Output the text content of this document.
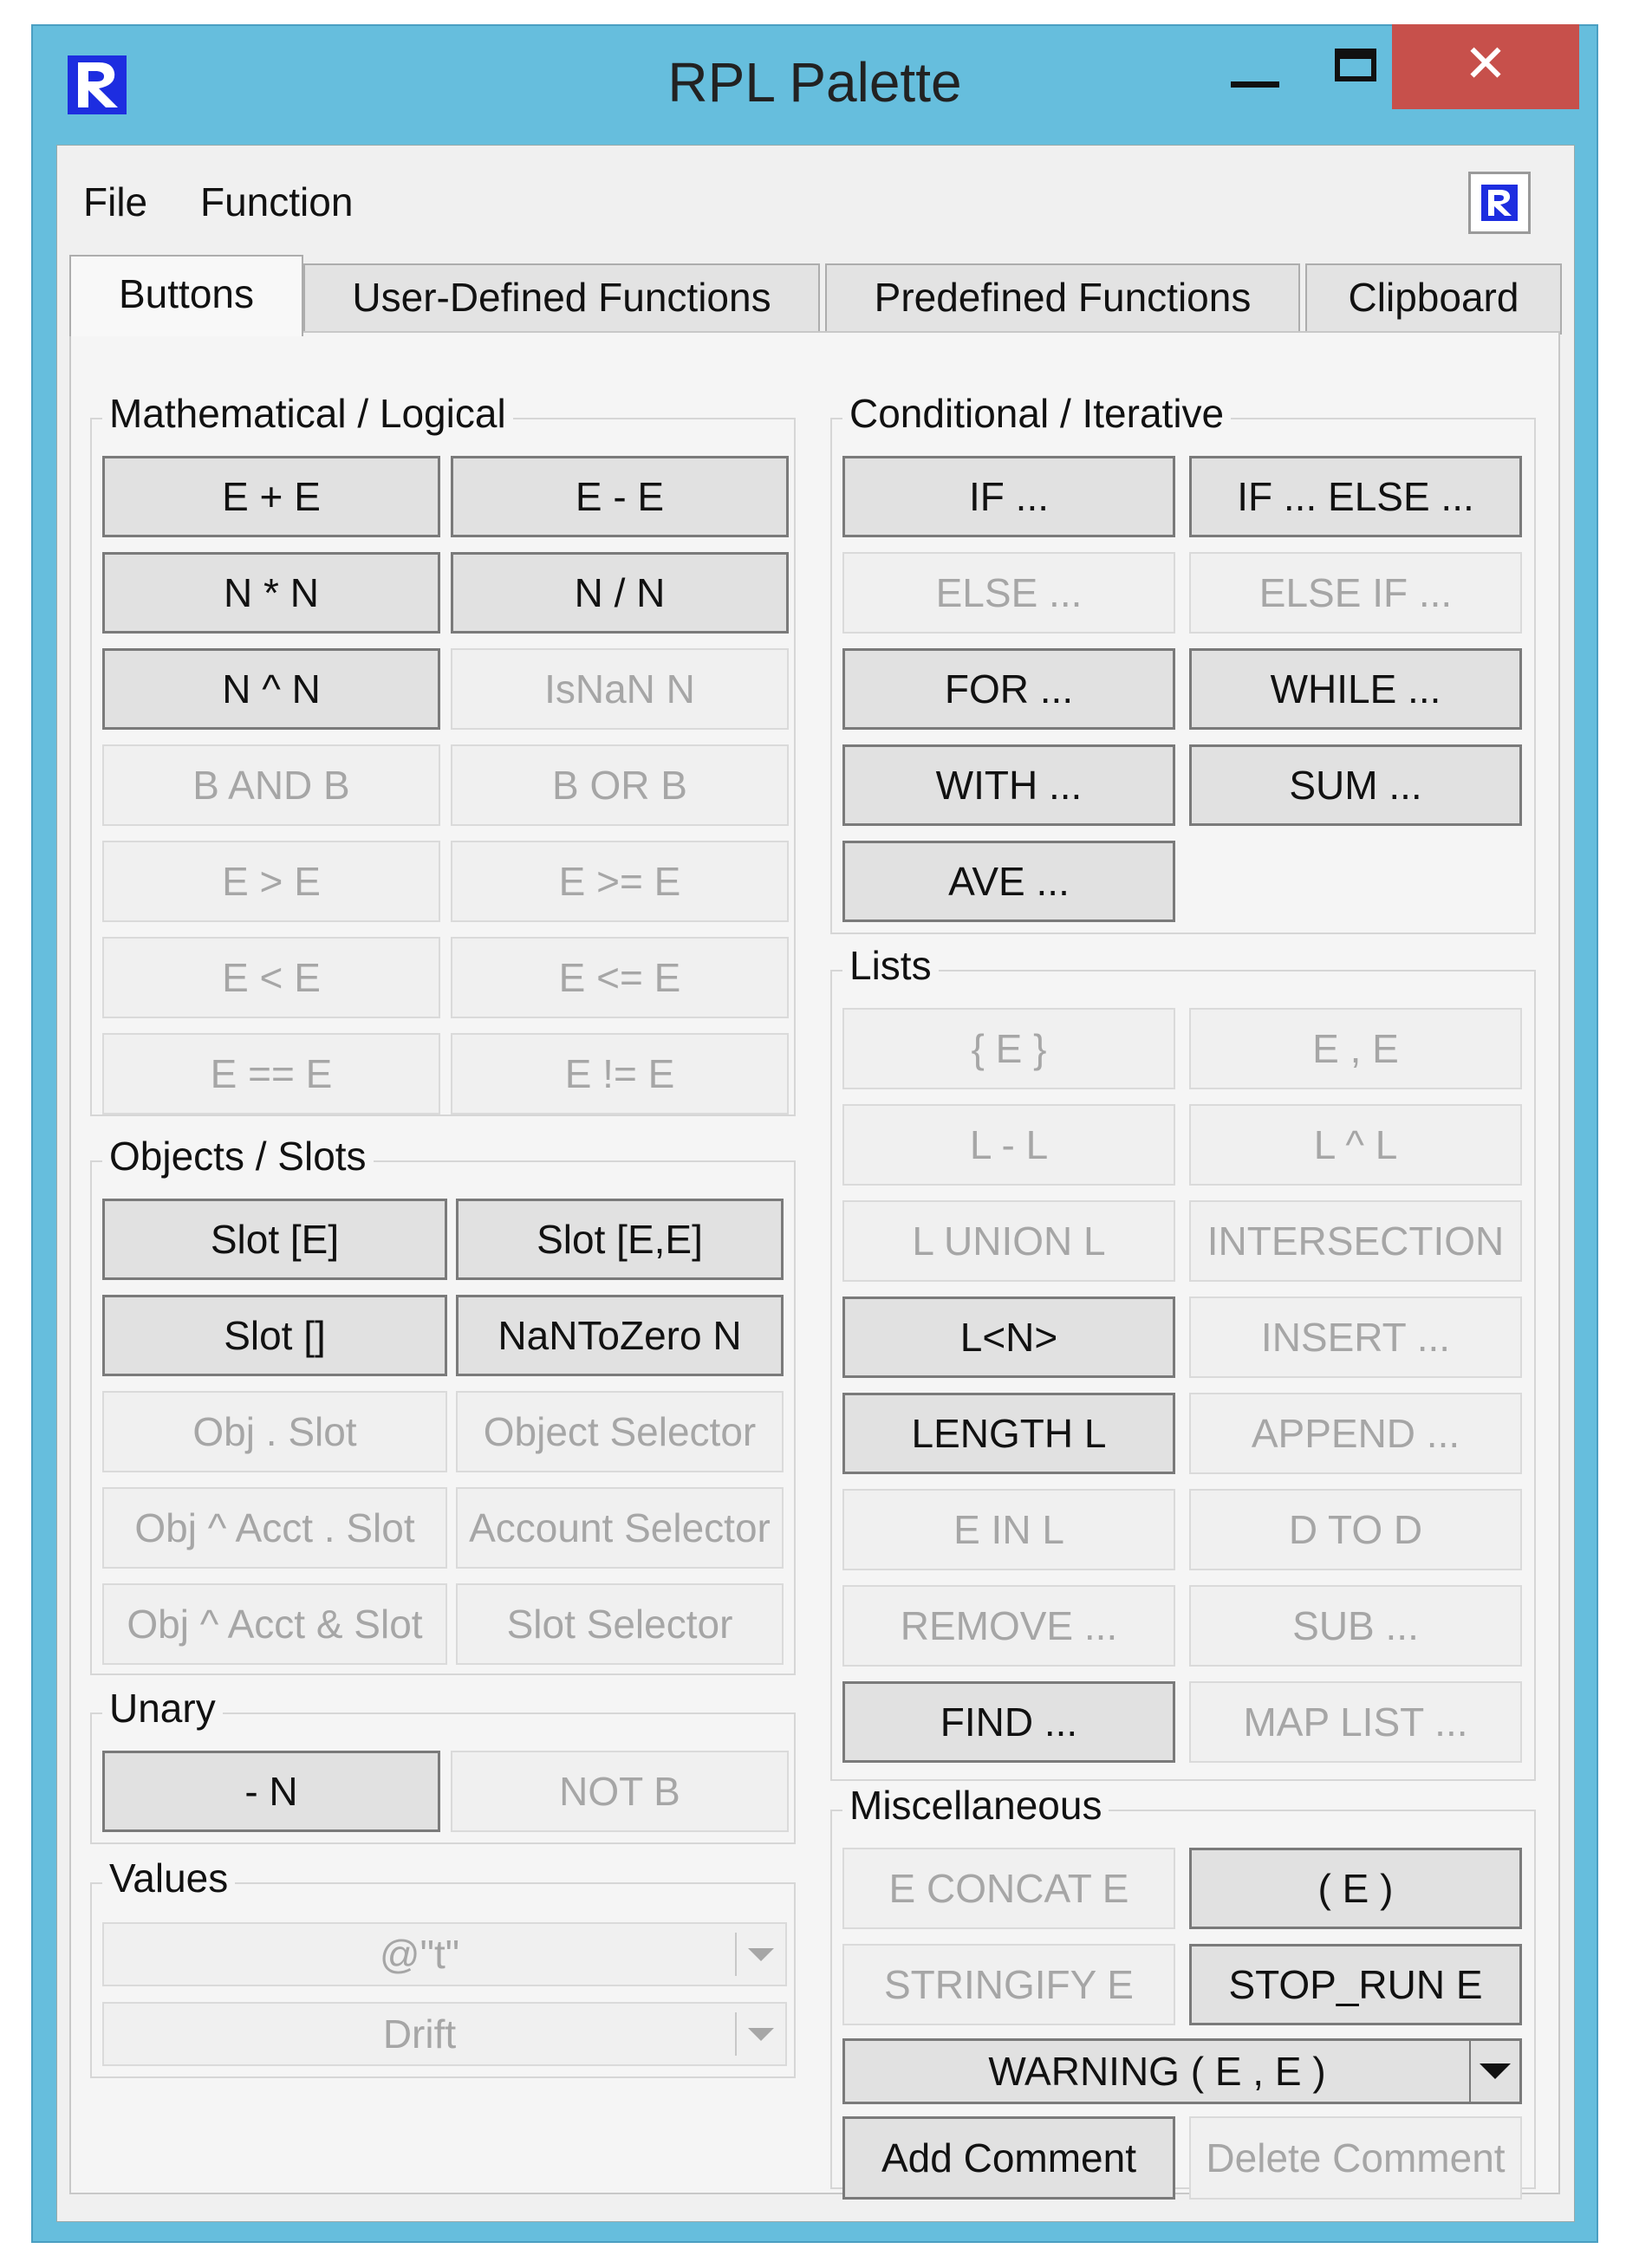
RPL Palette	✕
File Function
Buttons	User-Defined Functions	Predefined Functions	Clipboard
Mathematical / Logical
E + E	E - E
N * N	N / N
N ^ N	IsNaN N
B AND B	B OR B
E > E	E >= E
E < E	E <= E
E == E	E != E
Objects / Slots
Slot [E]	Slot [E,E]
Slot []	NaNToZero N
Obj . Slot	Object Selector
Obj ^ Acct . Slot	Account Selector
Obj ^ Acct & Slot	Slot Selector
Unary
- N	NOT B
Values
@"t"
Drift
Conditional / Iterative
IF ...	IF ... ELSE ...
ELSE ...	ELSE IF ...
FOR ...	WHILE ...
WITH ...	SUM ...
AVE ...
Lists
{ E }	E , E
L - L	L ^ L
L UNION L	INTERSECTION
L<N>	INSERT ...
LENGTH L	APPEND ...
E IN L	D TO D
REMOVE ...	SUB ...
FIND ...	MAP LIST ...
Miscellaneous
WARNING ( E , E )
Add Comment	Delete Comment
E CONCAT E	( E )
STRINGIFY E	STOP_RUN E
